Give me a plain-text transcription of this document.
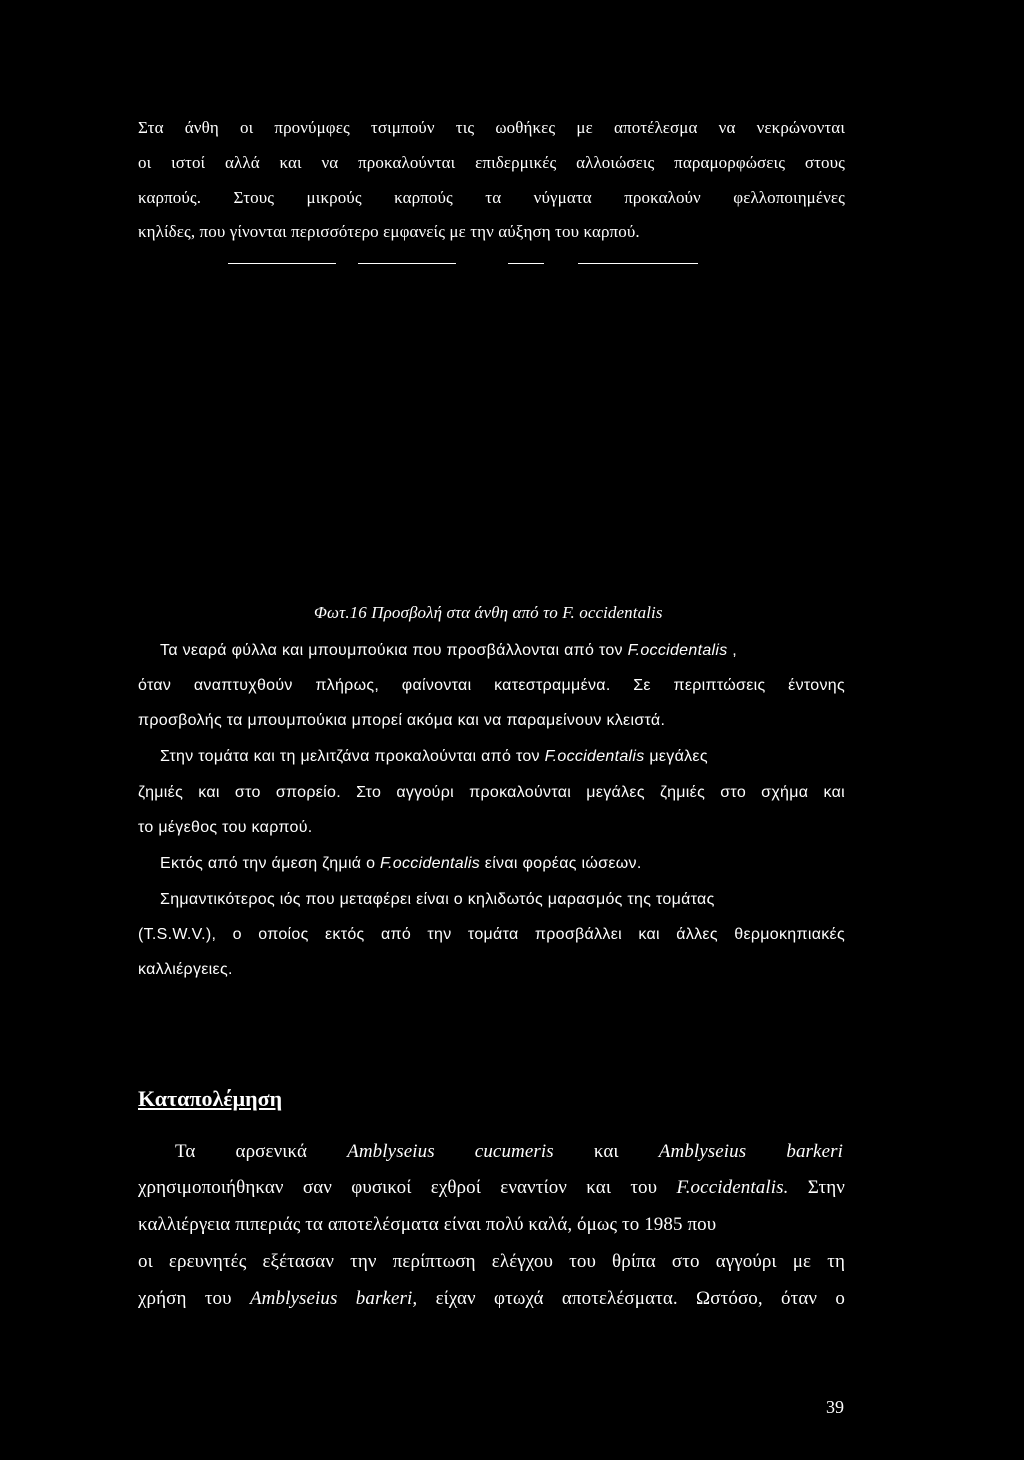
Στα άνθη οι προνύμφες τσιμπούν τις ωοθήκες με αποτέλεσμα να νεκρώνονται
οι ιστοί αλλά και να προκαλούνται επιδερμικές αλλοιώσεις παραμορφώσεις στους
καρπούς. Στους μικρούς καρπούς τα νύγματα προκαλούν φελλοποιημένες
κηλίδες, που γίνονται περισσότερο εμφανείς με την αύξηση του καρπού.
Φωτ.16 Προσβολή στα άνθη από το F. occidentalis
Τα νεαρά φύλλα και μπουμπούκια που προσβάλλονται από τον F.occidentalis ,
όταν αναπτυχθούν πλήρως, φαίνονται κατεστραμμένα. Σε περιπτώσεις έντονης
προσβολής τα μπουμπούκια μπορεί ακόμα και να παραμείνουν κλειστά.
Στην τομάτα και τη μελιτζάνα προκαλούνται από τον F.occidentalis μεγάλες
ζημιές και στο σπορείο. Στο αγγούρι προκαλούνται μεγάλες ζημιές στο σχήμα και
το μέγεθος του καρπού.
Εκτός από την άμεση ζημιά ο F.occidentalis είναι φορέας ιώσεων.
Σημαντικότερος ιός που μεταφέρει είναι ο κηλιδωτός μαρασμός της τομάτας
(T.S.W.V.), ο οποίος εκτός από την τομάτα προσβάλλει και άλλες θερμοκηπιακές
καλλιέργειες.
Καταπολέμηση
Τα αρσενικά Amblyseius cucumeris και Amblyseius barkeri
χρησιμοποιήθηκαν σαν φυσικοί εχθροί εναντίον και του F.occidentalis. Στην
καλλιέργεια πιπεριάς τα αποτελέσματα είναι πολύ καλά, όμως το 1985 που
οι ερευνητές εξέτασαν την περίπτωση ελέγχου του θρίπα στο αγγούρι με τη
χρήση του Amblyseius barkeri, είχαν φτωχά αποτελέσματα. Ωστόσο, όταν ο
39
